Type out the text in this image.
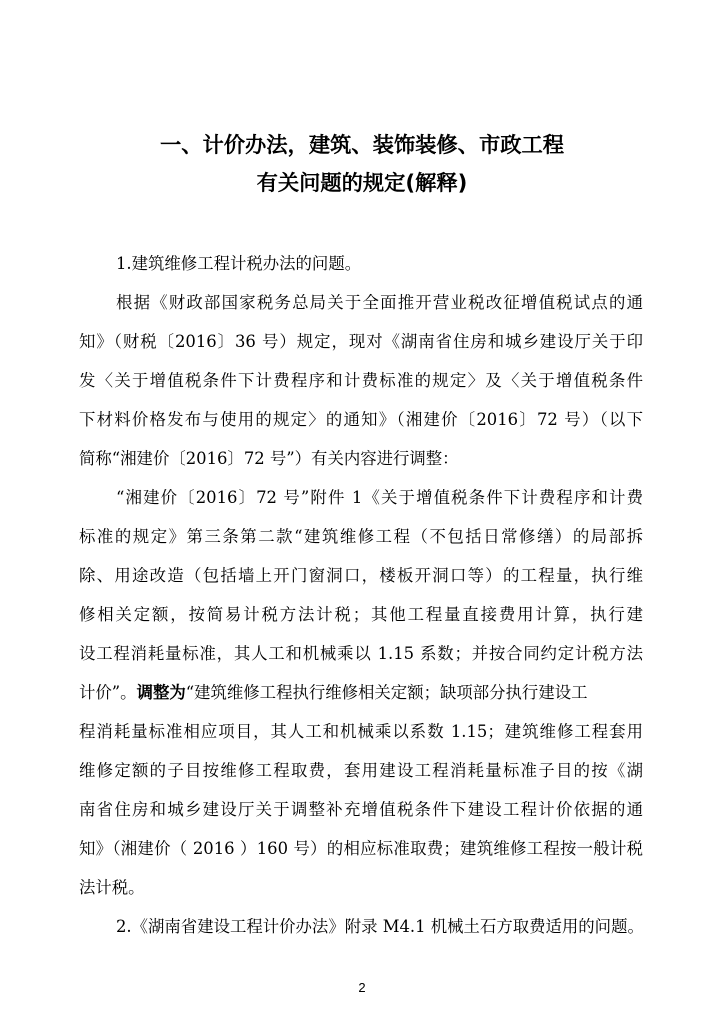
一、计价办法，建筑、装饰装修、市政工程
有关问题的规定(解释)
1.建筑维修工程计税办法的问题。
根据《财政部国家税务总局关于全面推开营业税改征增值税试点的通
知》（财税〔2016〕36 号）规定，现对《湖南省住房和城乡建设厅关于印
发〈关于增值税条件下计费程序和计费标准的规定〉及〈关于增值税条件
下材料价格发布与使用的规定〉的通知》（湘建价〔2016〕72 号）（以下
简称“湘建价〔2016〕72 号”）有关内容进行调整：
“湘建价〔2016〕72 号”附件 1《关于增值税条件下计费程序和计费
标准的规定》第三条第二款“建筑维修工程（不包括日常修缮）的局部拆
除、用途改造（包括墙上开门窗洞口，楼板开洞口等）的工程量，执行维
修相关定额，按简易计税方法计税；其他工程量直接费用计算，执行建
设工程消耗量标准，其人工和机械乘以 1.15 系数；并按合同约定计税方法
计价”。调整为“建筑维修工程执行维修相关定额；缺项部分执行建设工
程消耗量标准相应项目，其人工和机械乘以系数 1.15；建筑维修工程套用
维修定额的子目按维修工程取费，套用建设工程消耗量标准子目的按《湖
南省住房和城乡建设厅关于调整补充增值税条件下建设工程计价依据的通
知》（湘建价（ 2016 ）160 号）的相应标准取费；建筑维修工程按一般计税
法计税。
2.《湖南省建设工程计价办法》附录 M4.1 机械土石方取费适用的问题。
2
